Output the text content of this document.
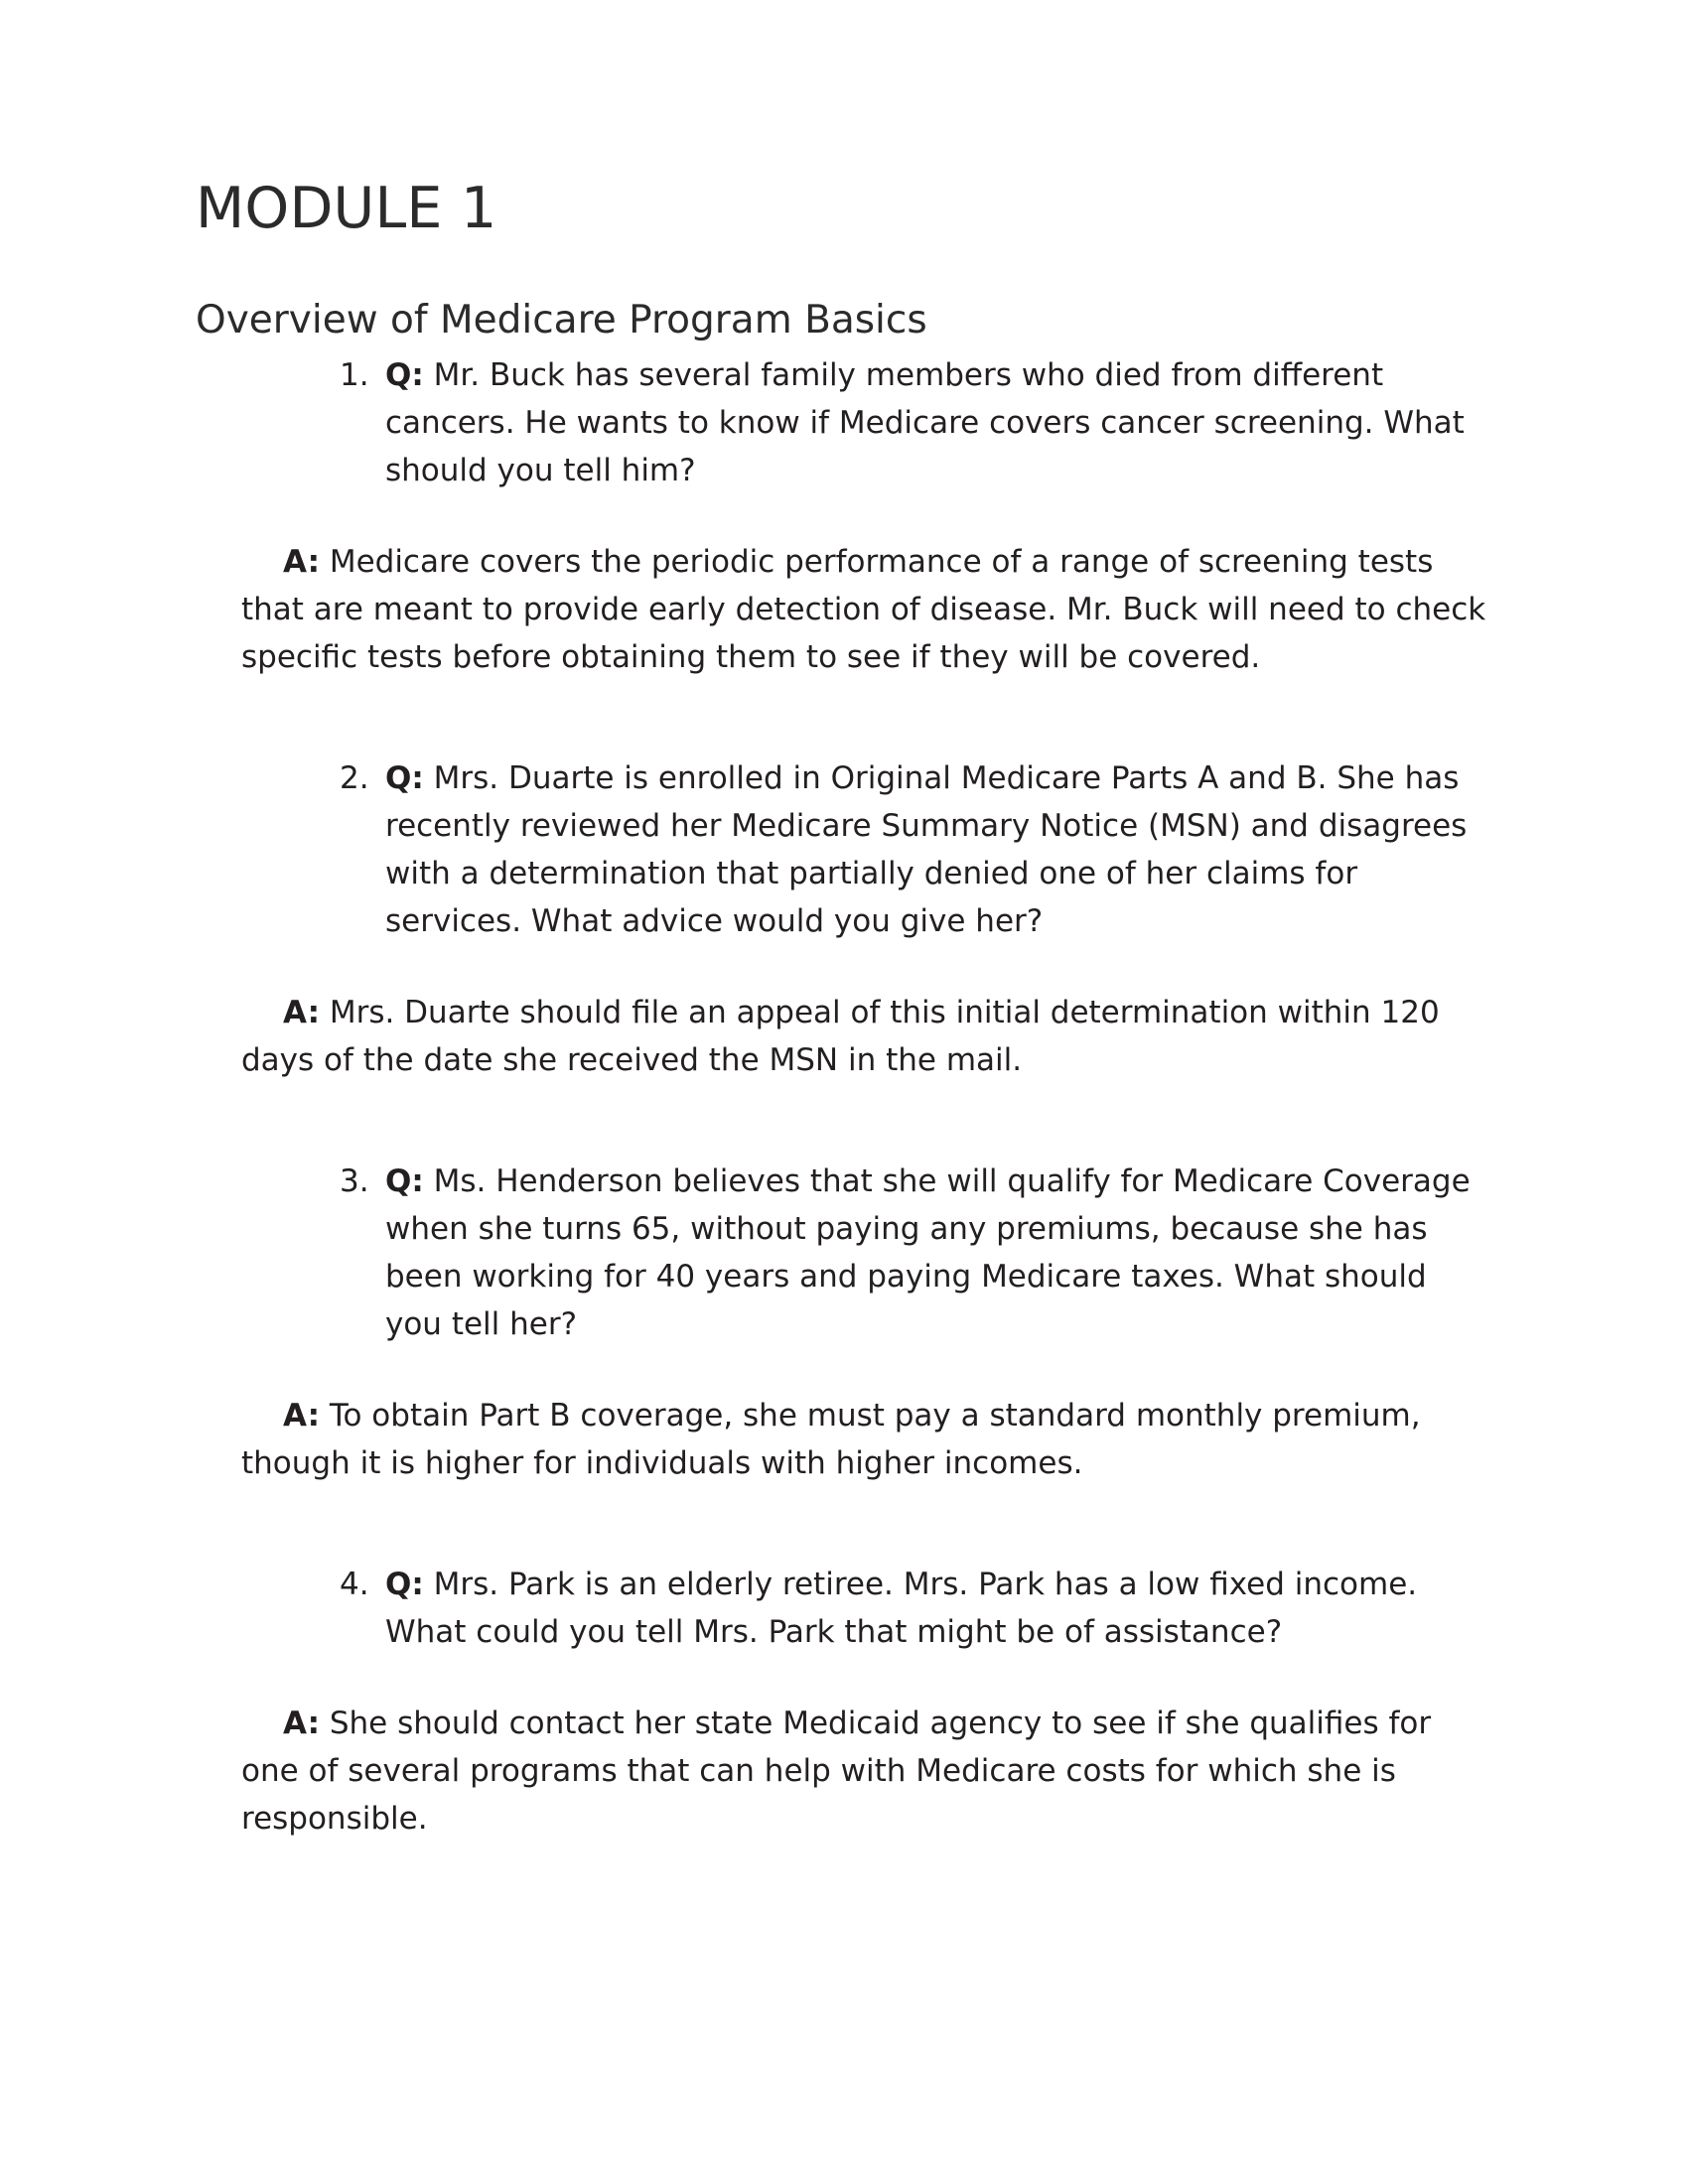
MODULE 1
Overview of Medicare Program Basics

1. Q: Mr. Buck has several family members who died from different cancers. He wants to know if Medicare covers cancer screening. What should you tell him?

A: Medicare covers the periodic performance of a range of screening tests that are meant to provide early detection of disease. Mr. Buck will need to check specific tests before obtaining them to see if they will be covered.

2. Q: Mrs. Duarte is enrolled in Original Medicare Parts A and B. She has recently reviewed her Medicare Summary Notice (MSN) and disagrees with a determination that partially denied one of her claims for services. What advice would you give her?

A: Mrs. Duarte should file an appeal of this initial determination within 120 days of the date she received the MSN in the mail.

3. Q: Ms. Henderson believes that she will qualify for Medicare Coverage when she turns 65, without paying any premiums, because she has been working for 40 years and paying Medicare taxes. What should you tell her?

A: To obtain Part B coverage, she must pay a standard monthly premium, though it is higher for individuals with higher incomes.

4. Q: Mrs. Park is an elderly retiree. Mrs. Park has a low fixed income. What could you tell Mrs. Park that might be of assistance?

A: She should contact her state Medicaid agency to see if she qualifies for one of several programs that can help with Medicare costs for which she is responsible.
